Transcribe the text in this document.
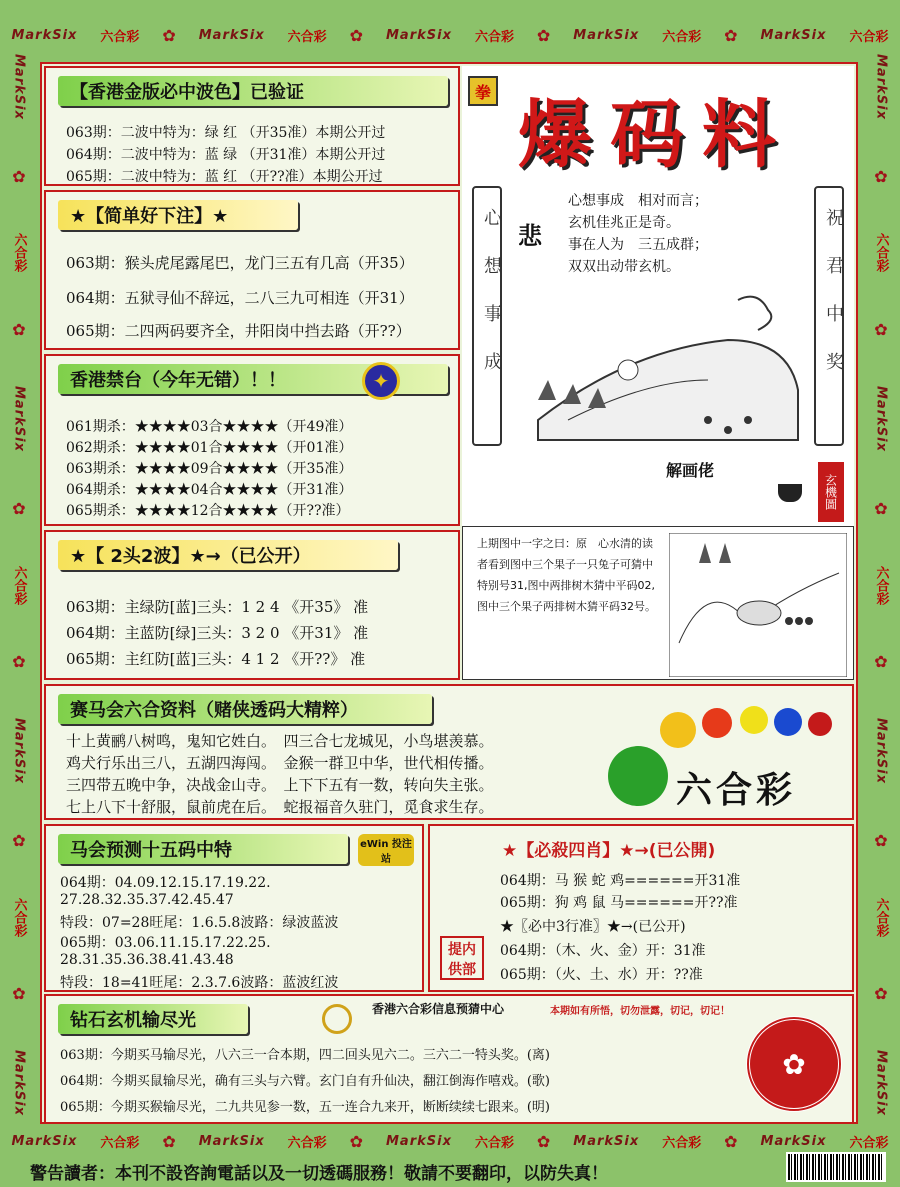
MarkSix 六合彩 ✿ MarkSix 六合彩 ✿ MarkSix 六合彩 ✿ MarkSix 六合彩 ✿ MarkSix 六合彩
MarkSix 六合彩 ✿ MarkSix 六合彩 ✿ MarkSix 六合彩 ✿ MarkSix 六合彩 ✿ MarkSix 六合彩
MarkSix
✿
六合彩
✿
MarkSix
✿
六合彩
✿
MarkSix
✿
六合彩
✿
MarkSix
MarkSix
✿
六合彩
✿
MarkSix
✿
六合彩
✿
MarkSix
✿
六合彩
✿
MarkSix
【香港金版必中波色】已验证
063期：二波中特为：绿 红 （开35准）本期公开过
064期：二波中特为：蓝 绿 （开31准）本期公开过
065期：二波中特为：蓝 红 （开??准）本期公开过
★【简单好下注】★
063期：猴头虎尾露尾巴，龙门三五有几高（开35）
064期：五狱寻仙不辞远，二八三九可相连（开31）
065期：二四两码要齐全，井阳岗中挡去路（开??）
香港禁台（今年无错）！！	✦
061期杀：★★★★03合★★★★（开49准）
062期杀：★★★★01合★★★★（开01准）
063期杀：★★★★09合★★★★（开35准）
064期杀：★★★★04合★★★★（开31准）
065期杀：★★★★12合★★★★（开??准）
★【 2头2波】★→（已公开）
063期：主绿防[蓝]三头：1 2 4 《开35》 准
064期：主蓝防[绿]三头：3 2 0 《开31》 准
065期：主红防[蓝]三头：4 1 2 《开??》 准
拳 爆码料
心想事成	祝君中奖
悲
心想事成　相对而言；
玄机佳兆正是奇。
事在人为　三五成群；
双双出动带玄机。
解画佬
玄機圖
上期图中一字之曰：原　心水清的读者看到图中三个果子一只兔子可猜中特别号31,图中两排树木猜中平码02,图中三个果子两排树木猜平码32号。
赛马会六合资料（赌侠透码大精粹）
十上黄鹂八树鸣，鬼知它姓白。　四三合七龙城见，小鸟堪羡慕。
鸡犬行乐出三八，五湖四海闯。　金猴一群卫中华，世代相传播。
三四带五晚中争，决战金山寺。　上下下五有一数，转向失主张。
七上八下十舒服，鼠前虎在后。　蛇报福音久驻门，觅食求生存。	六合彩
马会预测十五码中特	eWin 投注站
064期：04.09.12.15.17.19.22.
27.28.32.35.37.42.45.47
特段：07=28旺尾：1.6.5.8波路：绿波蓝波
065期：03.06.11.15.17.22.25.
28.31.35.36.38.41.43.48
特段：18=41旺尾：2.3.7.6波路：蓝波红波
★【必殺四肖】★→(已公開)
提内供部
064期：马 猴 蛇 鸡======开31准
065期：狗 鸡 鼠 马======开??准
★〖必中3行准〗★→(已公开)
064期：（木、火、金）开：31准
065期：（火、土、水）开：??准
钻石玄机输尽光
香港六合彩信息预猜中心	本期如有所悟，切勿泄露，切记，切记！
063期：今期买马输尽光，八六三一合本期，四二回头见六二。三六二一特头奖。(离)
064期：今期买鼠输尽光，确有三头与六臂。玄门自有升仙决，翻江倒海作嘻戏。(歌)
065期：今期买猴输尽光，二九共见参一数，五一连合九来开，断断续续七跟来。(明)
✿
警告讀者：本刊不設咨詢電話以及一切透碼服務！敬請不要翻印，以防失真！
